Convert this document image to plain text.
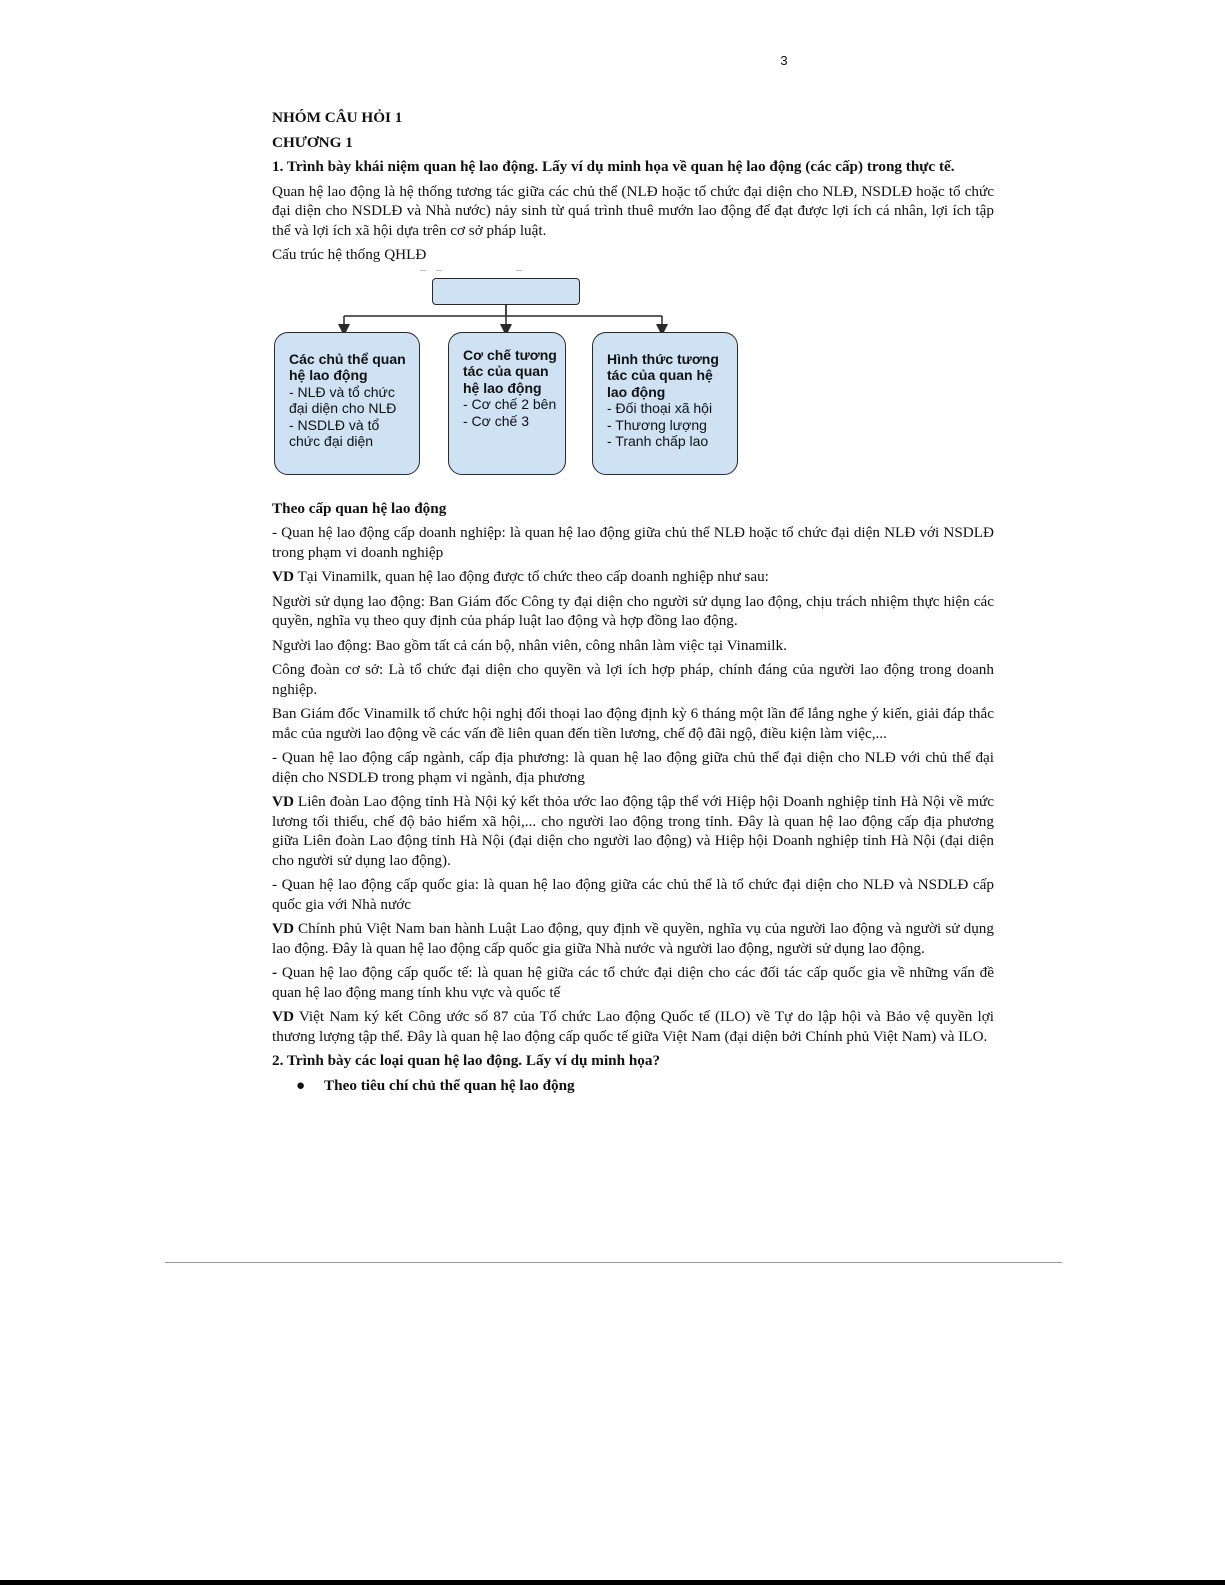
3
NHÓM CÂU HỎI 1
CHƯƠNG 1

1. Trình bày khái niệm quan hệ lao động. Lấy ví dụ minh họa về quan hệ lao động (các cấp) trong thực tế.

Quan hệ lao động là hệ thống tương tác giữa các chủ thể (NLĐ hoặc tổ chức đại diện cho NLĐ, NSDLĐ hoặc tổ chức đại diện cho NSDLĐ và Nhà nước) nảy sinh từ quá trình thuê mướn lao động để đạt được lợi ích cá nhân, lợi ích tập thể và lợi ích xã hội dựa trên cơ sở pháp luật.

Cấu trúc hệ thống QHLĐ

Các chủ thể quan hệ lao động
- NLĐ và tổ chức đại diện cho NLĐ
- NSDLĐ và tổ chức đại diện
Cơ chế tương tác của quan hệ lao động
- Cơ chế 2 bên
- Cơ chế 3
Hình thức tương tác của quan hệ lao động
- Đối thoại xã hội
- Thương lượng
- Tranh chấp lao

Theo cấp quan hệ lao động

- Quan hệ lao động cấp doanh nghiệp: là quan hệ lao động giữa chủ thể NLĐ hoặc tổ chức đại diện NLĐ với NSDLĐ trong phạm vi doanh nghiệp

VD Tại Vinamilk, quan hệ lao động được tổ chức theo cấp doanh nghiệp như sau:

Người sử dụng lao động: Ban Giám đốc Công ty đại diện cho người sử dụng lao động, chịu trách nhiệm thực hiện các quyền, nghĩa vụ theo quy định của pháp luật lao động và hợp đồng lao động.

Người lao động: Bao gồm tất cả cán bộ, nhân viên, công nhân làm việc tại Vinamilk.

Công đoàn cơ sở: Là tổ chức đại diện cho quyền và lợi ích hợp pháp, chính đáng của người lao động trong doanh nghiệp.

Ban Giám đốc Vinamilk tổ chức hội nghị đối thoại lao động định kỳ 6 tháng một lần để lắng nghe ý kiến, giải đáp thắc mắc của người lao động về các vấn đề liên quan đến tiền lương, chế độ đãi ngộ, điều kiện làm việc,...

- Quan hệ lao động cấp ngành, cấp địa phương: là quan hệ lao động giữa chủ thể đại diện cho NLĐ với chủ thể đại diện cho NSDLĐ trong phạm vi ngành, địa phương

VD Liên đoàn Lao động tỉnh Hà Nội ký kết thỏa ước lao động tập thể với Hiệp hội Doanh nghiệp tỉnh Hà Nội về mức lương tối thiểu, chế độ bảo hiểm xã hội,... cho người lao động trong tỉnh. Đây là quan hệ lao động cấp địa phương giữa Liên đoàn Lao động tỉnh Hà Nội (đại diện cho người lao động) và Hiệp hội Doanh nghiệp tỉnh Hà Nội (đại diện cho người sử dụng lao động).

- Quan hệ lao động cấp quốc gia: là quan hệ lao động giữa các chủ thể là tổ chức đại diện cho NLĐ và NSDLĐ cấp quốc gia với Nhà nước

VD Chính phủ Việt Nam ban hành Luật Lao động, quy định về quyền, nghĩa vụ của người lao động và người sử dụng lao động. Đây là quan hệ lao động cấp quốc gia giữa Nhà nước và người lao động, người sử dụng lao động.

- Quan hệ lao động cấp quốc tế: là quan hệ giữa các tổ chức đại diện cho các đối tác cấp quốc gia về những vấn đề quan hệ lao động mang tính khu vực và quốc tế

VD Việt Nam ký kết Công ước số 87 của Tổ chức Lao động Quốc tế (ILO) về Tự do lập hội và Bảo vệ quyền lợi thương lượng tập thể. Đây là quan hệ lao động cấp quốc tế giữa Việt Nam (đại diện bởi Chính phủ Việt Nam) và ILO.

2. Trình bày các loại quan hệ lao động. Lấy ví dụ minh họa?

●	Theo tiêu chí chủ thể quan hệ lao động
